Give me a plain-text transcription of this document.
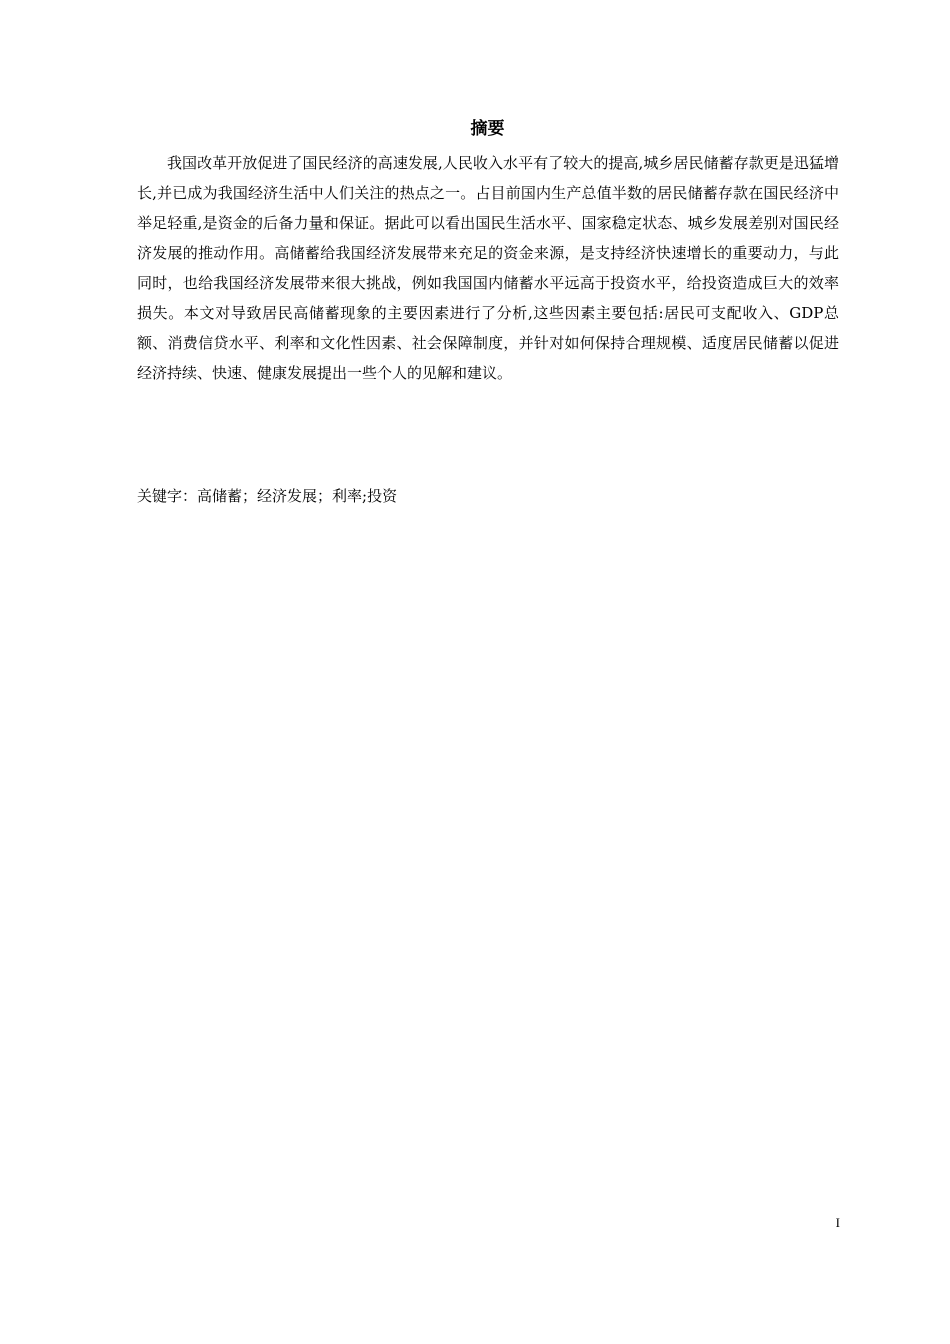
摘要

我国改革开放促进了国民经济的高速发展,人民收入水平有了较大的提高,城乡居民储蓄存款更是迅猛增长,并已成为我国经济生活中人们关注的热点之一。占目前国内生产总值半数的居民储蓄存款在国民经济中举足轻重,是资金的后备力量和保证。据此可以看出国民生活水平、国家稳定状态、城乡发展差别对国民经济发展的推动作用。高储蓄给我国经济发展带来充足的资金来源，是支持经济快速增长的重要动力，与此同时，也给我国经济发展带来很大挑战，例如我国国内储蓄水平远高于投资水平，给投资造成巨大的效率损失。本文对导致居民高储蓄现象的主要因素进行了分析,这些因素主要包括:居民可支配收入、GDP总额、消费信贷水平、利率和文化性因素、社会保障制度，并针对如何保持合理规模、适度居民储蓄以促进经济持续、快速、健康发展提出一些个人的见解和建议。

关键字：高储蓄；经济发展；利率;投资

I
